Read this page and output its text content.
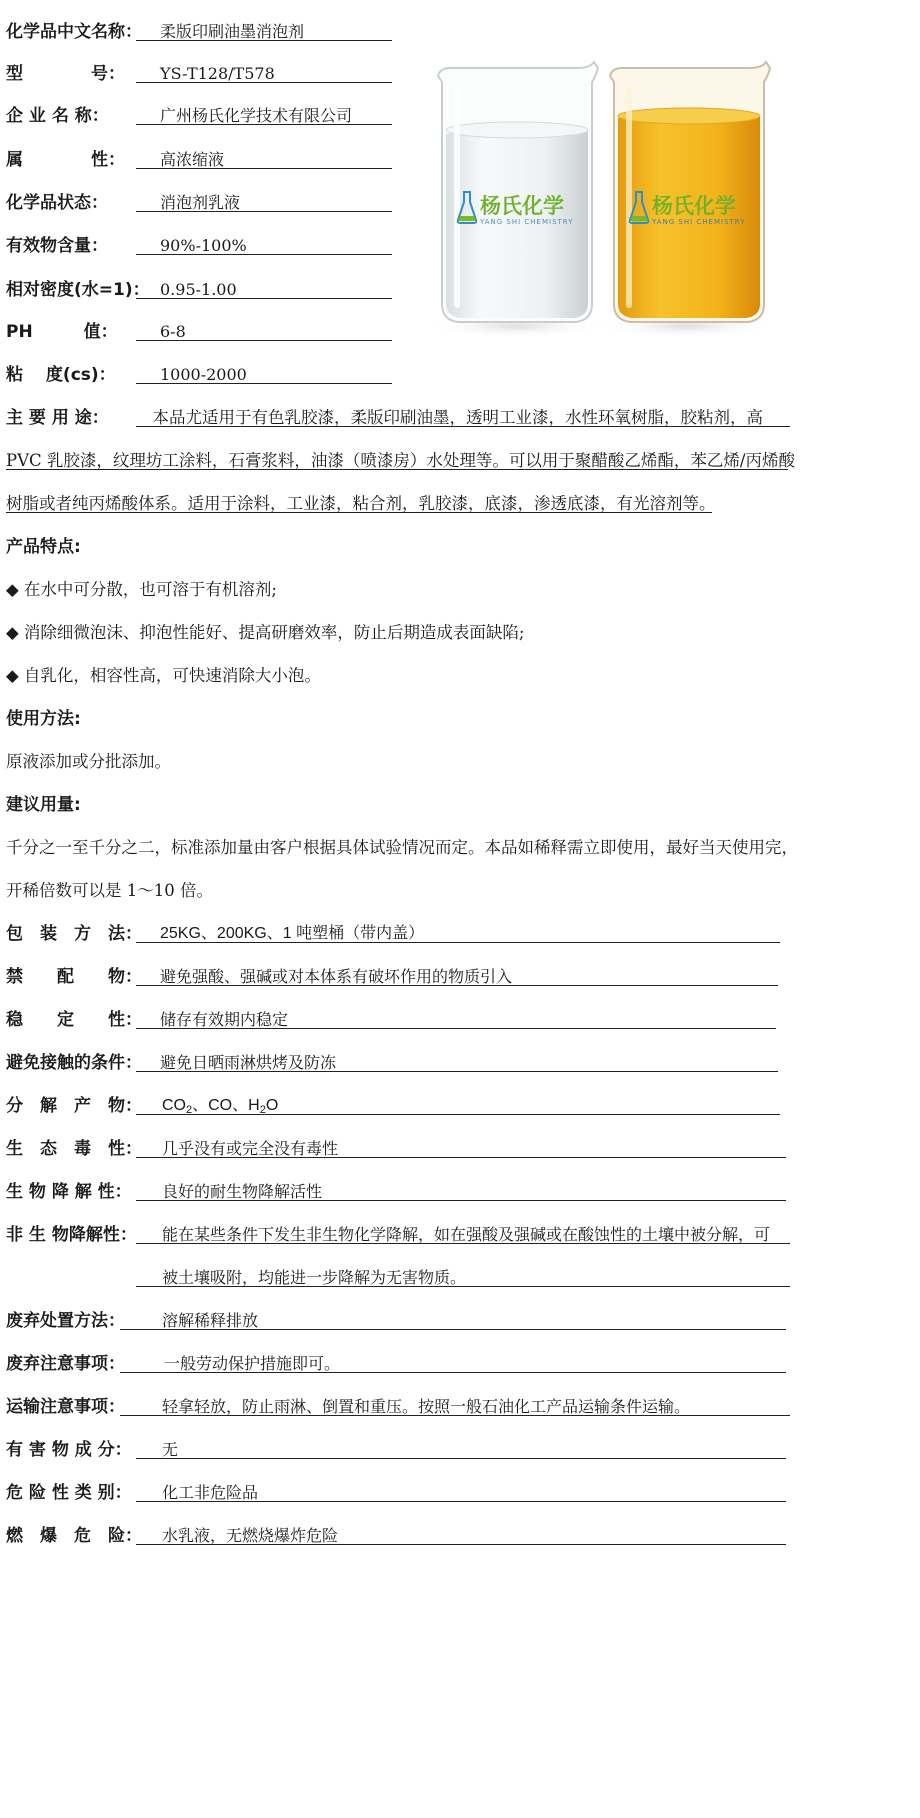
化学品中文名称： 柔版印刷油墨消泡剂
型　　　　号： YS-T128/T578
企 业 名 称：	广州杨氏化学技术有限公司
属　　　　性： 高浓缩液
化学品状态：	消泡剂乳液
有效物含量：	90%-100%
相对密度(水=1)： 0.95-1.00
PH　　　值：	6-8
粘　 度(cs)：	1000-2000
杨氏化学
YANG SHI CHEMISTRY
杨氏化学
YANG SHI CHEMISTRY
主 要 用 途： 　本品尤适用于有色乳胶漆，柔版印刷油墨，透明工业漆，水性环氧树脂，胶粘剂，高
PVC 乳胶漆，纹理坊工涂料，石膏浆料，油漆（喷漆房）水处理等。可以用于聚醋酸乙烯酯，苯乙烯/丙烯酸
树脂或者纯丙烯酸体系。适用于涂料，工业漆，粘合剂，乳胶漆，底漆，渗透底漆，有光溶剂等。
产品特点:
◆ 在水中可分散，也可溶于有机溶剂;
◆ 消除细微泡沫、抑泡性能好、提高研磨效率，防止后期造成表面缺陷;
◆ 自乳化，相容性高，可快速消除大小泡。
使用方法:
原液添加或分批添加。
建议用量:
千分之一至千分之二，标准添加量由客户根据具体试验情况而定。本品如稀释需立即使用，最好当天使用完，
开稀倍数可以是 1～10 倍。
包　装　方　法： 25KG、200KG、1 吨塑桶（带内盖）
禁　　配　　物： 避免强酸、强碱或对本体系有破坏作用的物质引入
稳　　定　　性： 储存有效期内稳定
避免接触的条件： 避免日晒雨淋烘烤及防冻
分　解　产　物： $CO_2$、CO、$H_2O$
生　态　毒　性： 几乎没有或完全没有毒性
生 物 降 解 性： 良好的耐生物降解活性
非 生 物降解性： 能在某些条件下发生非生物化学降解，如在强酸及强碱或在酸蚀性的土壤中被分解，可
被土壤吸附，均能进一步降解为无害物质。
废弃处置方法： 溶解稀释排放
废弃注意事项： 一般劳动保护措施即可。
运输注意事项： 轻拿轻放，防止雨淋、倒置和重压。按照一般石油化工产品运输条件运输。
有 害 物 成 分： 无
危 险 性 类 别： 化工非危险品
燃　爆　危　险： 水乳液，无燃烧爆炸危险
